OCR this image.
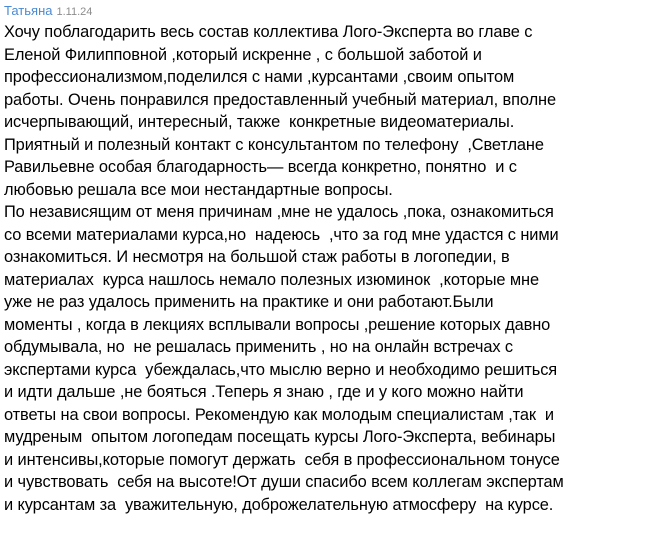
Татьяна 1.11.24
Хочу поблагодарить весь состав коллектива Лого-Эксперта во главе с
Еленой Филипповной ,который искренне , с большой заботой и
профессионализмом,поделился с нами ,курсантами ,своим опытом
работы. Очень понравился предоставленный учебный материал, вполне
исчерпывающий, интересный, также  конкретные видеоматериалы.
Приятный и полезный контакт с консультантом по телефону  ,Светлане
Равильевне особая благодарность— всегда конкретно, понятно  и с
любовью решала все мои нестандартные вопросы.
По независящим от меня причинам ,мне не удалось ,пока, ознакомиться
со всеми материалами курса,но  надеюсь  ,что за год мне удастся с ними
ознакомиться. И несмотря на большой стаж работы в логопедии, в
материалах  курса нашлось немало полезных изюминок  ,которые мне
уже не раз удалось применить на практике и они работают.Были
моменты , когда в лекциях всплывали вопросы ,решение которых давно
обдумывала, но  не решалась применить , но на онлайн встречах с
экспертами курса  убеждалась,что мыслю верно и необходимо решиться
и идти дальше ,не бояться .Теперь я знаю , где и у кого можно найти
ответы на свои вопросы. Рекомендую как молодым специалистам ,так  и
мудреным  опытом логопедам посещать курсы Лого-Эксперта, вебинары
и интенсивы,которые помогут держать  себя в профессиональном тонусе
и чувствовать  себя на высоте!От души спасибо всем коллегам экспертам
и курсантам за  уважительную, доброжелательную атмосферу  на курсе.
